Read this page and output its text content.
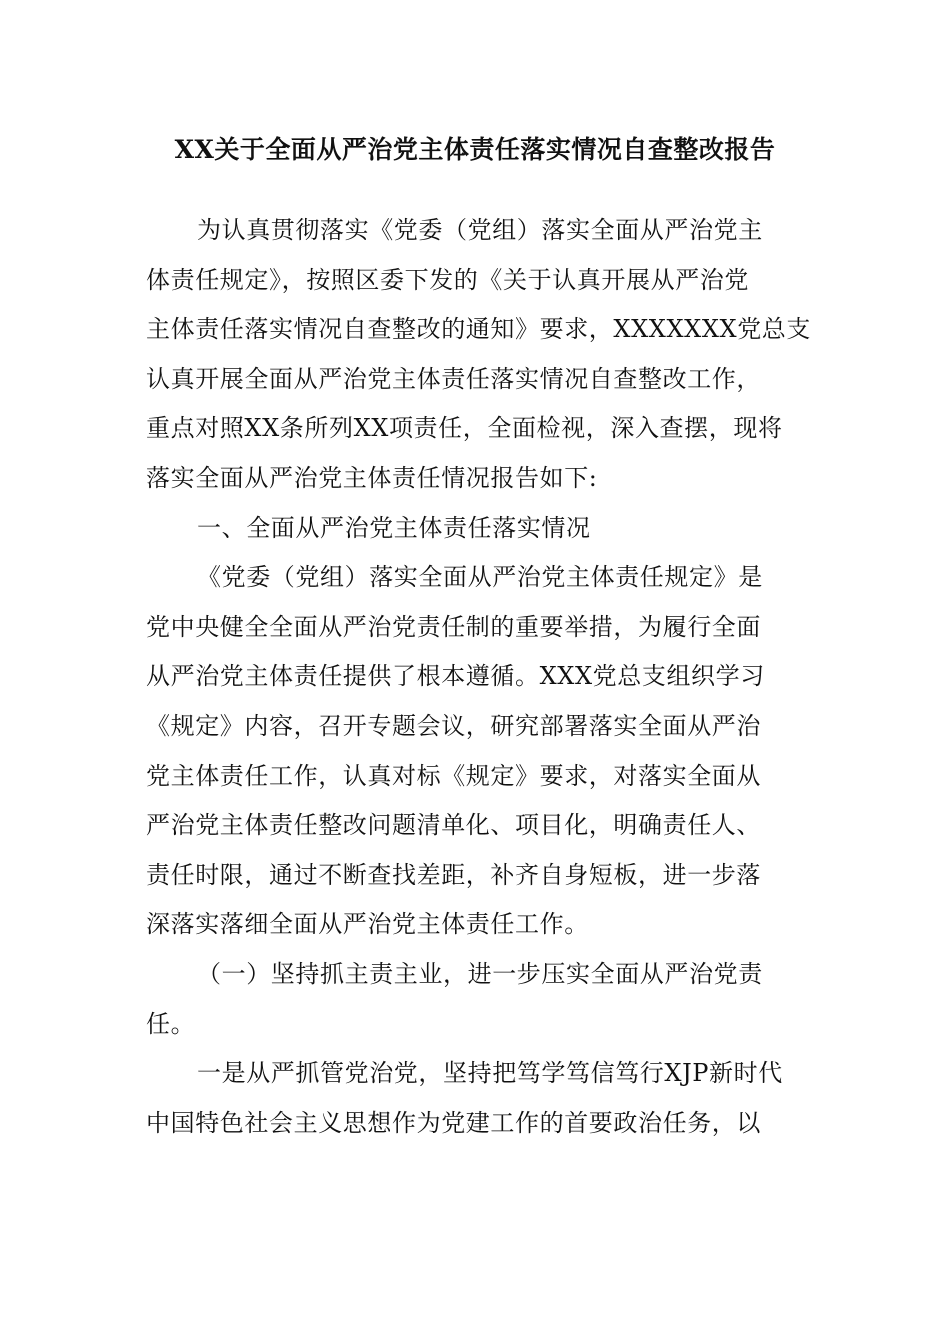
XX关于全面从严治党主体责任落实情况自查整改报告
为认真贯彻落实《党委（党组）落实全面从严治党主
体责任规定》，按照区委下发的《关于认真开展从严治党
主体责任落实情况自查整改的通知》要求，XXXXXXX党总支
认真开展全面从严治党主体责任落实情况自查整改工作，
重点对照XX条所列XX项责任，全面检视，深入查摆，现将
落实全面从严治党主体责任情况报告如下:
一、全面从严治党主体责任落实情况
《党委（党组）落实全面从严治党主体责任规定》是
党中央健全全面从严治党责任制的重要举措，为履行全面
从严治党主体责任提供了根本遵循。XXX党总支组织学习
《规定》内容，召开专题会议，研究部署落实全面从严治
党主体责任工作，认真对标《规定》要求，对落实全面从
严治党主体责任整改问题清单化、项目化，明确责任人、
责任时限，通过不断查找差距，补齐自身短板，进一步落
深落实落细全面从严治党主体责任工作。
（一）坚持抓主责主业，进一步压实全面从严治党责
任。
一是从严抓管党治党，坚持把笃学笃信笃行XJP新时代
中国特色社会主义思想作为党建工作的首要政治任务，以
